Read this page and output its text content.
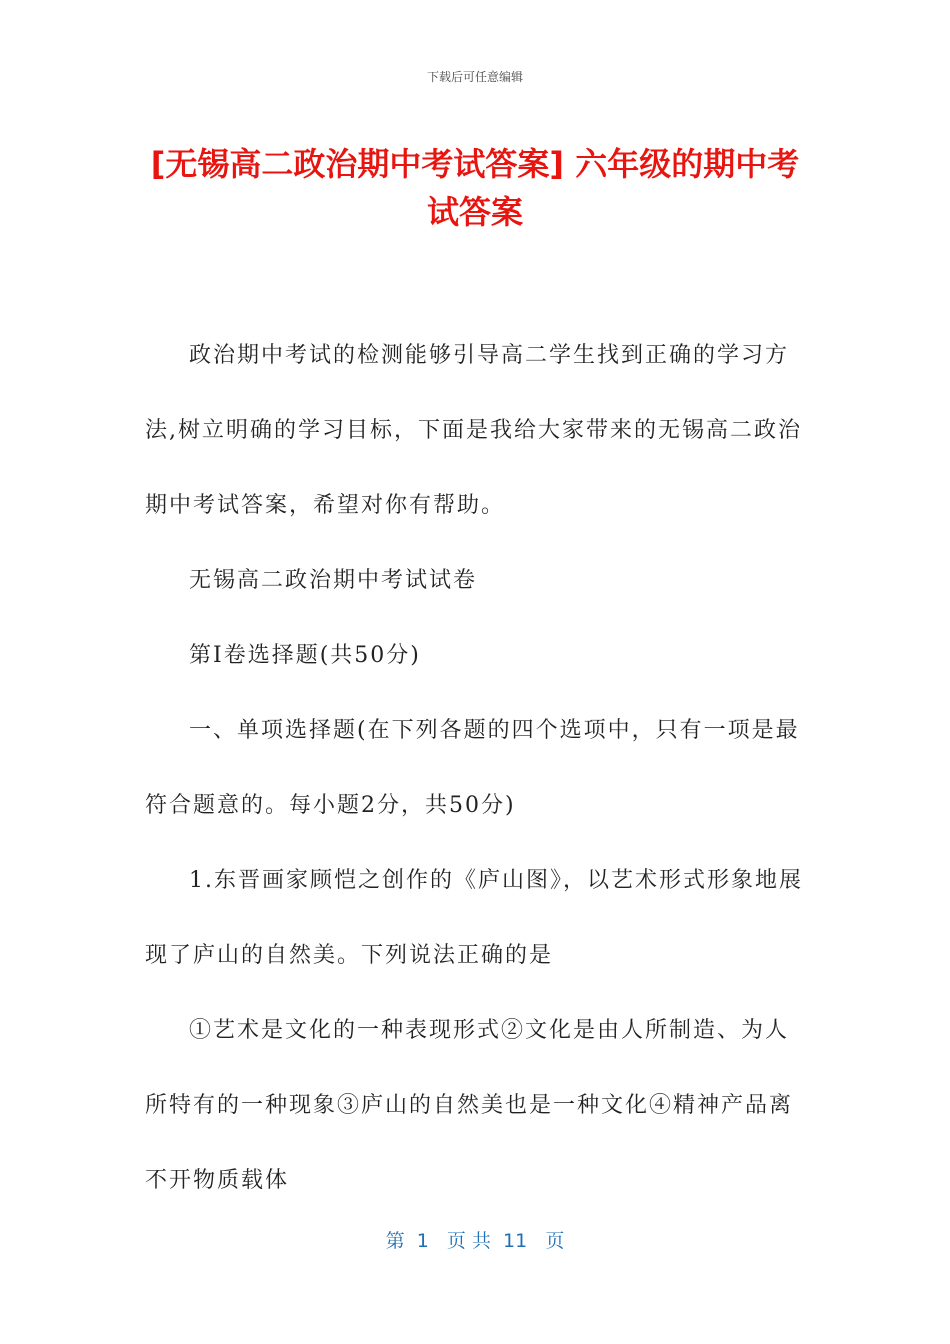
下载后可任意编辑
[无锡高二政治期中考试答案] 六年级的期中考试答案

政治期中考试的检测能够引导高二学生找到正确的学习方法,树立明确的学习目标，下面是我给大家带来的无锡高二政治期中考试答案，希望对你有帮助。

无锡高二政治期中考试试卷

第Ⅰ卷选择题(共50分)

一、单项选择题(在下列各题的四个选项中，只有一项是最符合题意的。每小题2分，共50分)

1.东晋画家顾恺之创作的《庐山图》，以艺术形式形象地展现了庐山的自然美。下列说法正确的是

①艺术是文化的一种表现形式②文化是由人所制造、为人所特有的一种现象③庐山的自然美也是一种文化④精神产品离不开物质载体

第  1   页 共  11   页
